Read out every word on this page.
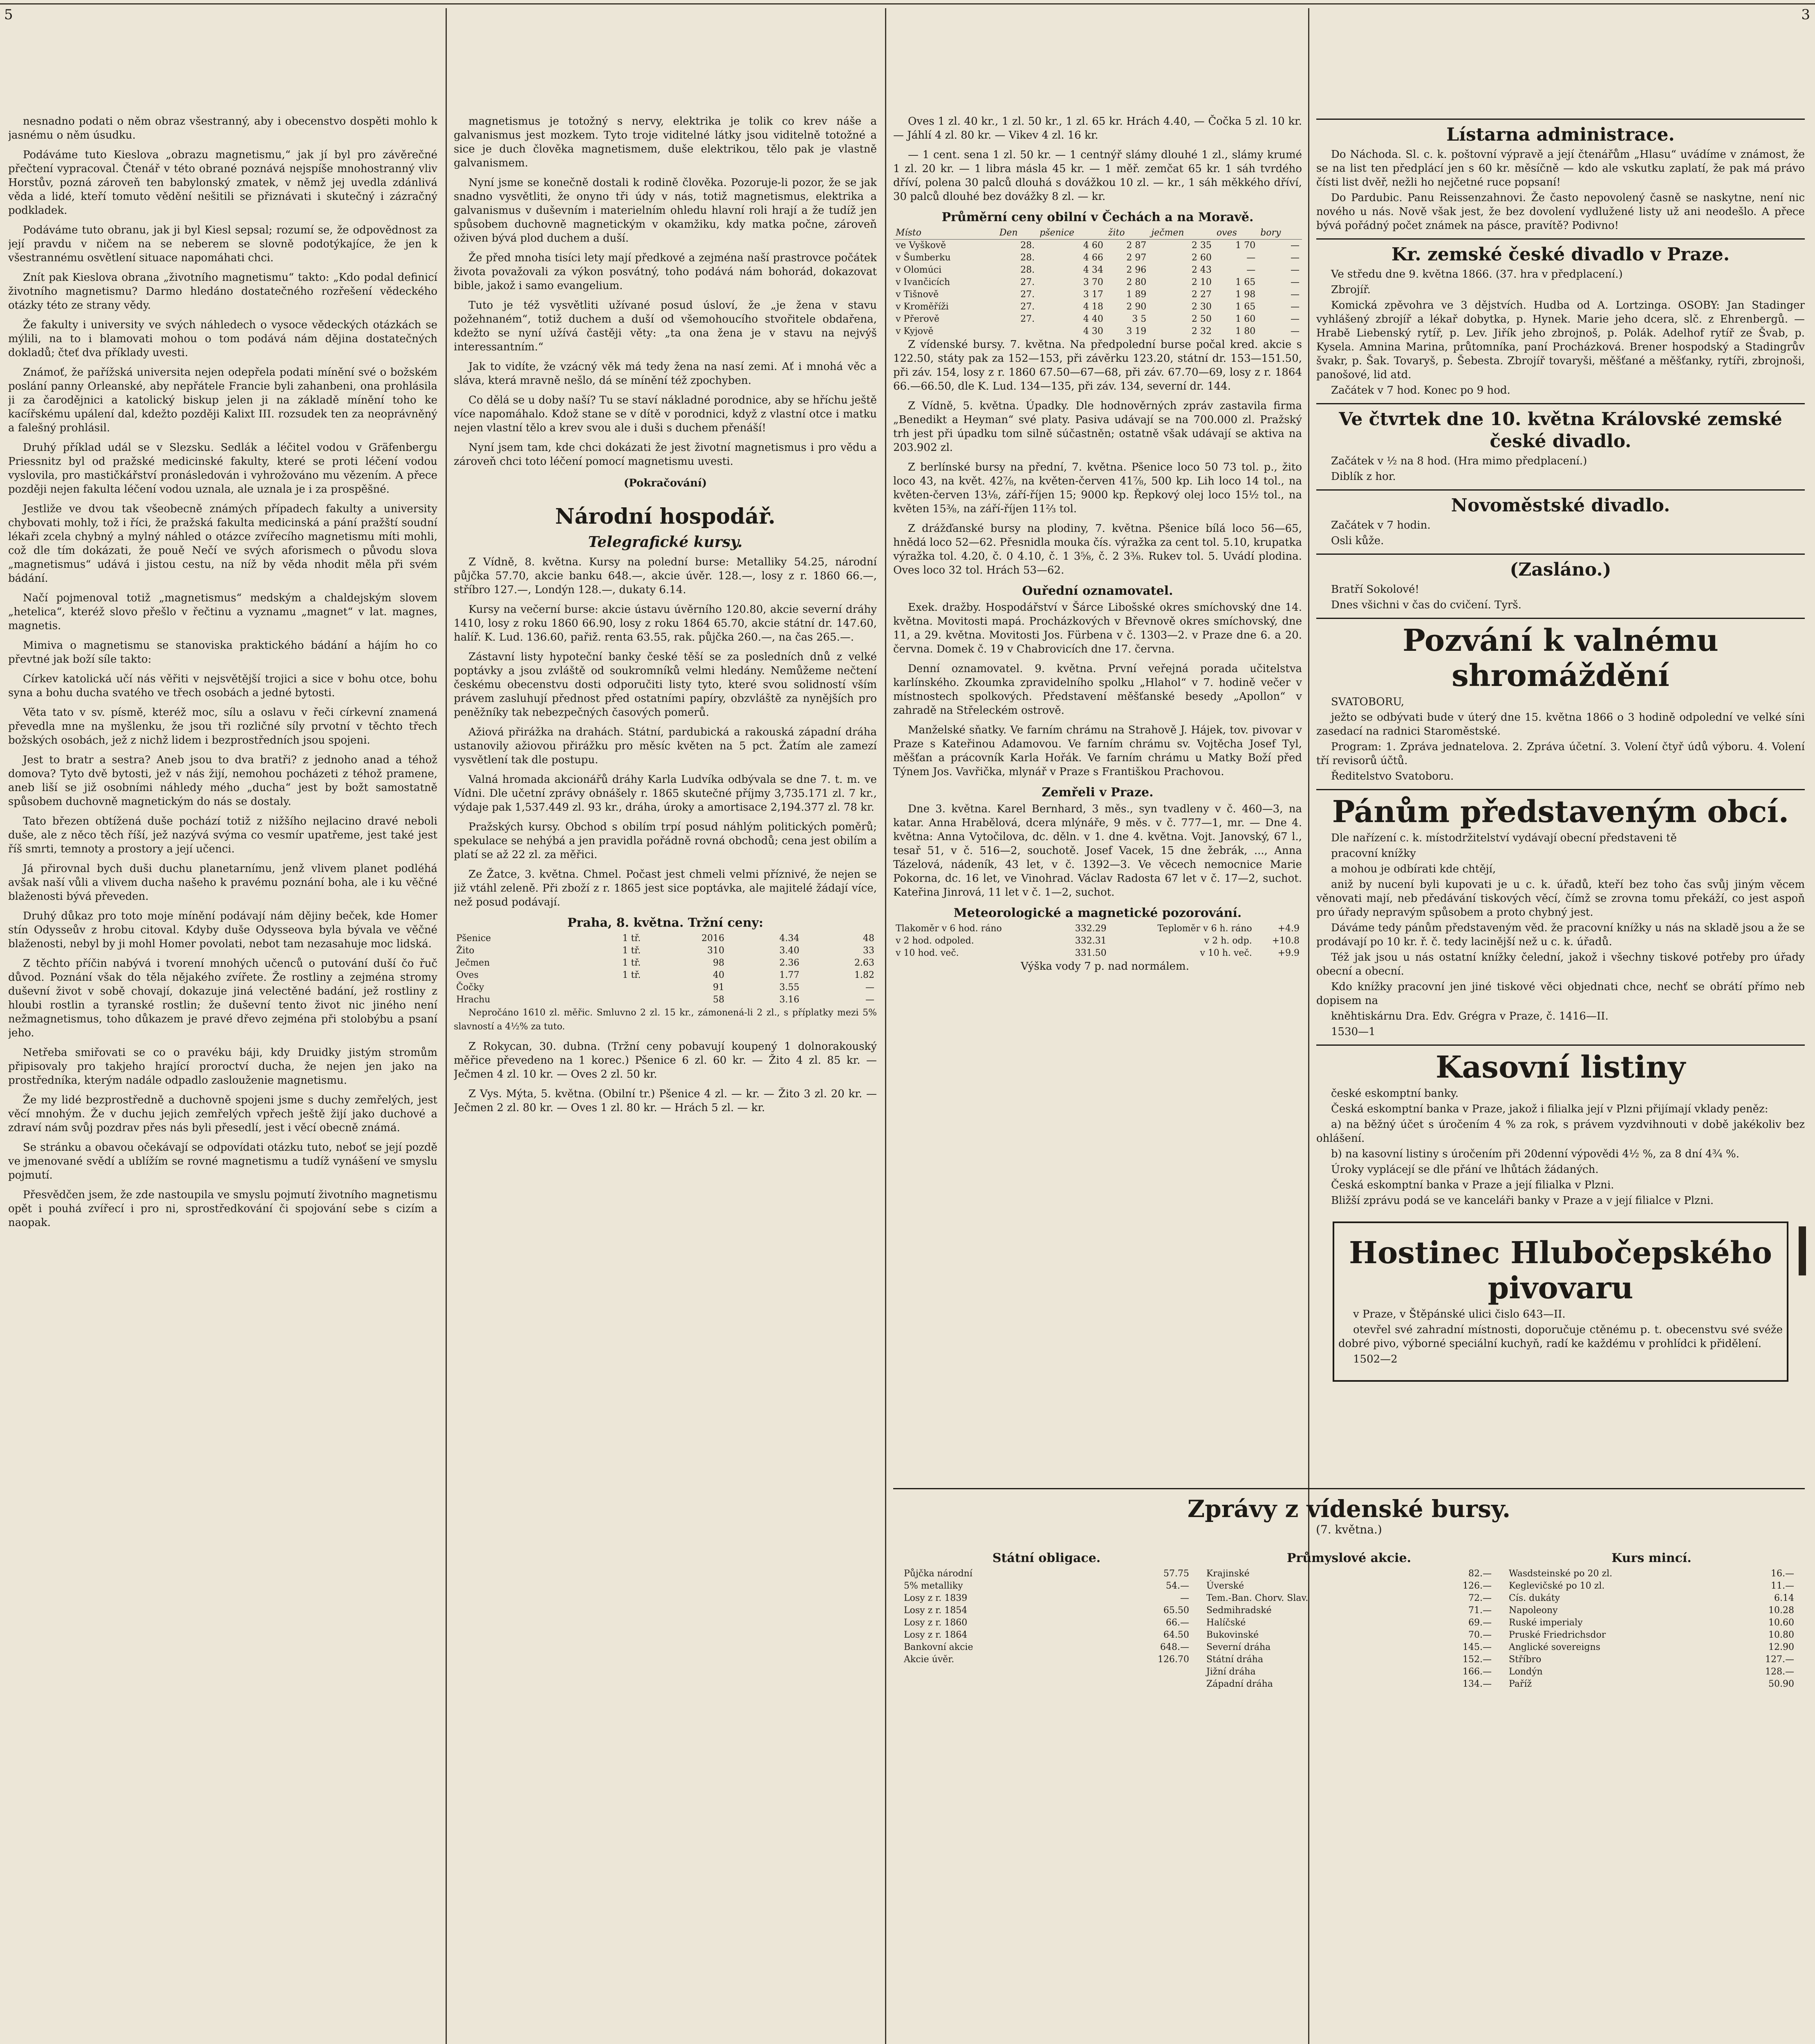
5	3

nesnadno podati o něm obraz všestranný, aby i obecenstvo dospěti mohlo k jasnému o něm úsudku.

Podáváme tuto Kieslova „obrazu magnetismu,“ jak jí byl pro závěrečné přečtení vypracoval. Čtenář v této obrané poznává nejspíše mnohostranný vliv Horstův, pozná zároveň ten babylonský zmatek, v němž jej uvedla zdánlivá věda a lidé, kteří tomuto vědění nešitili se přiznávati i skutečný i zázračný podkladek.

Podáváme tuto obranu, jak ji byl Kiesl sepsal; rozumí se, že odpovědnost za její pravdu v ničem na se neberem se slovně podotýkajíce, že jen k všestrannému osvětlení situace napomáhati chci.

Znít pak Kieslova obrana „životního magnetismu“ takto: „Kdo podal definicí životního magnetismu? Darmo hledáno dostatečného rozřešení vědeckého otázky této ze strany vědy.

Že fakulty i university ve svých náhledech o vysoce vědeckých otázkách se mýlili, na to i blamovati mohou o tom podává nám dějina dostatečných dokladů; čteť dva příklady uvesti.

Známoť, že pařížská universita nejen odepřela podati mínění své o božském poslání panny Orleanské, aby nepřátele Francie byli zahanbeni, ona prohlásila ji za čarodějnici a katolický biskup jelen ji na základě mínění toho ke kacířskému upálení dal, kdežto později Kalixt III. rozsudek ten za neoprávněný a falešný prohlásil.

Druhý příklad udál se v Slezsku. Sedlák a léčitel vodou v Gräfenbergu Priessnitz byl od pražské medicinské fakulty, které se proti léčení vodou vyslovila, pro mastičkářství pronásledován i vyhrožováno mu vězením. A přece později nejen fakulta léčení vodou uznala, ale uznala je i za prospěšné.

Jestliže ve dvou tak všeobecně známých případech fakulty a university chybovati mohly, tož i říci, že pražská fakulta medicinská a pání pražští soudní lékaři zcela chybný a mylný náhled o otázce zvířecího magnetismu míti mohli, což dle tím dokázati, že pouě Nečí ve svých aforismech o původu slova „magnetismus“ udává i jistou cestu, na níž by věda nhodit měla při svém bádání.

Načí pojmenoval totiž „magnetismus“ medským a chaldejským slovem „hetelica“, kteréž slovo přešlo v řečtinu a vyznamu „magnet“ v lat. magnes, magnetis.

Mimiva o magnetismu se stanoviska praktického bádání a hájím ho co převtné jak boží síle takto:

Církev katolická učí nás věřiti v nejsvětější trojici a sice v bohu otce, bohu syna a bohu ducha svatého ve třech osobách a jedné bytosti.

Věta tato v sv. písmě, kteréž moc, sílu a oslavu v řeči církevní znamená převedla mne na myšlenku, že jsou tři rozličné síly prvotní v těchto třech božských osobách, jež z nichž lidem i bezprostředních jsou spojeni.

Jest to bratr a sestra? Aneb jsou to dva bratři? z jednoho anad a téhož domova? Tyto dvě bytosti, jež v nás žijí, nemohou pocházeti z téhož pramene, aneb liší se již osobními náhledy mého „ducha“ jest by božt samostatně spůsobem duchovně magnetickým do nás se dostaly.

Tato březen obtížená duše pochází totiž z nižšího nejlacino dravé neboli duše, ale z něco těch říší, jež nazývá svýma co vesmír upatřeme, jest také jest říš smrti, temnoty a prostory a její učenci.

Já přirovnal bych duši duchu planetarnímu, jenž vlivem planet podléhá avšak naší vůli a vlivem ducha našeho k pravému poznání boha, ale i ku věčné blaženosti bývá převeden.

Druhý důkaz pro toto moje mínění podávají nám dějiny beček, kde Homer stín Odysseův z hrobu citoval. Kdyby duše Odysseova byla bývala ve věčné blaženosti, nebyl by ji mohl Homer povolati, nebot tam nezasahuje moc lidská.

Z těchto příčin nabývá i tvorení mnohých učenců o putování duší čo řuč důvod. Poznání však do těla nějakého zvířete. Že rostliny a zejména stromy duševní život v sobě chovají, dokazuje jiná velectěné badání, jež rostliny z hloubi rostlin a tyranské rostlin; že duševní tento život nic jiného není nežmagnetismus, toho důkazem je pravé dřevo zejména při stolobýbu a psaní jeho.

Netřeba smiřovati se co o pravéku báji, kdy Druidky jistým stromům připisovaly pro takjeho hrající proroctví ducha, že nejen jen jako na prostředníka, kterým nadále odpadlo zaslouženie magnetismu.

Že my lidé bezprostředně a duchovně spojeni jsme s duchy zemřelých, jest věcí mnohým. Že v duchu jejich zemřelých vpřech ještě žijí jako duchové a zdraví nám svůj pozdrav přes nás byli přesedlí, jest i věcí obecně známá.

Se stránku a obavou očekávají se odpovídati otázku tuto, neboť se její pozdě ve jmenované svědí a ublížím se rovné magnetismu a tudíž vynášení ve smyslu pojmutí.

Přesvědčen jsem, že zde nastoupila ve smyslu pojmutí životního magnetismu opět i pouhá zvířecí i pro ni, sprostředkování či spojování sebe s cizím a naopak.

magnetismus je totožný s nervy, elektrika je tolik co krev náše a galvanismus jest mozkem. Tyto troje viditelné látky jsou viditelně totožné a sice je duch člověka magnetismem, duše elektrikou, tělo pak je vlastně galvanismem.

Nyní jsme se konečně dostali k rodině člověka. Pozoruje-li pozor, že se jak snadno vysvětliti, že onyno tři údy v nás, totiž magnetismus, elektrika a galvanismus v duševním i materielním ohledu hlavní roli hrají a že tudíž jen spůsobem duchovně magnetickým v okamžiku, kdy matka počne, zároveň oživen bývá plod duchem a duší.

Že před mnoha tisíci lety mají předkové a zejména naší prastrovce počátek života považovali za výkon posvátný, toho podává nám bohorád, dokazovat bible, jakož i samo evangelium.

Tuto je též vysvětliti užívané posud úsloví, že „je žena v stavu požehnaném“, totiž duchem a duší od všemohoucího stvořitele obdařena, kdežto se nyní užívá častěji věty: „ta ona žena je v stavu na nejvýš interessantním.“

Jak to vidíte, že vzácný věk má tedy žena na nasí zemi. Ať i mnohá věc a sláva, která mravně nešlo, dá se mínění též zpochyben.

Co dělá se u doby naší? Tu se staví nákladné porodnice, aby se hříchu ještě více napomáhalo. Kdož stane se v dítě v porodnici, když z vlastní otce i matku nejen vlastní tělo a krev svou ale i duši s duchem přenáší!

Nyní jsem tam, kde chci dokázati že jest životní magnetismus i pro vědu a zároveň chci toto léčení pomocí magnetismu uvesti.

(Pokračování)
Národní hospodář.
Telegrafické kursy.

Z Vídně, 8. května. Kursy na polední burse: Metalliky 54.25, národní půjčka 57.70, akcie banku 648.—, akcie úvěr. 128.—, losy z r. 1860 66.—, stříbro 127.—, Londýn 128.—, dukaty 6.14.

Kursy na večerní burse: akcie ústavu úvěrního 120.80, akcie severní dráhy 1410, losy z roku 1860 66.90, losy z roku 1864 65.70, akcie státní dr. 147.60, halíř. K. Lud. 136.60, pařiž. renta 63.55, rak. půjčka 260.—, na čas 265.—.

Zástavní listy hypoteční banky české těší se za posledních dnů z velké poptávky a jsou zvláště od soukromníků velmi hledány. Nemůžeme nečtení českému obecenstvu dosti odporučiti listy tyto, které svou solidností vším právem zasluhují přednost před ostatními papíry, obzvláště za nynějších pro peněžníky tak nebezpečných časových pomerů.

Ažiová přirážka na drahách. Státní, pardubická a rakouská západní dráha ustanovily ažiovou přirážku pro měsíc květen na 5 pct. Žatím ale zamezí vysvětlení tak dle postupu.

Valná hromada akcionářů dráhy Karla Ludvíka odbývala se dne 7. t. m. ve Vídni. Dle učetní zprávy obnášely r. 1865 skutečné příjmy 3,735.171 zl. 7 kr., výdaje pak 1,537.449 zl. 93 kr., dráha, úroky a amortisace 2,194.377 zl. 78 kr.

Pražských kursy. Obchod s obilím trpí posud náhlým politických poměrů; spekulace se nehýbá a jen pravidla pořádně rovná obchodů; cena jest obilím a platí se až 22 zl. za měřici.

Ze Žatce, 3. května. Chmel. Počast jest chmeli velmi příznivé, že nejen se již vtáhl zeleně. Při zboží z r. 1865 jest sice poptávka, ale majitelé žádají více, než posud podávají.

Praha, 8. května. Tržní ceny:
Pšenice	1 tř.	2016	4.34	48
Žito	1 tř.	310	3.40	33
Ječmen	1 tř.	98	2.36	2.63
Oves	1 tř.	40	1.77	1.82
Čočky		91	3.55	—
Hrachu		58	3.16	—

Nepročáno 1610 zl. měřic. Smluvno 2 zl. 15 kr., zámonená-li 2 zl., s příplatky mezi 5% slavností a 4½% za tuto.

Z Rokycan, 30. dubna. (Tržní ceny pobavují koupený 1 dolnorakouský měřice převedeno na 1 korec.) Pšenice 6 zl. 60 kr. — Žito 4 zl. 85 kr. — Ječmen 4 zl. 10 kr. — Oves 2 zl. 50 kr.

Z Vys. Mýta, 5. května. (Obilní tr.) Pšenice 4 zl. — kr. — Žito 3 zl. 20 kr. — Ječmen 2 zl. 80 kr. — Oves 1 zl. 80 kr. — Hrách 5 zl. — kr.

Oves 1 zl. 40 kr., 1 zl. 50 kr., 1 zl. 65 kr. Hrách 4.40, — Čočka 5 zl. 10 kr. — Jáhlí 4 zl. 80 kr. — Vikev 4 zl. 16 kr.

— 1 cent. sena 1 zl. 50 kr. — 1 centnýř slámy dlouhé 1 zl., slámy krumé 1 zl. 20 kr. — 1 libra másla 45 kr. — 1 měř. zemčat 65 kr. 1 sáh tvrdého dříví, polena 30 palců dlouhá s dovážkou 10 zl. — kr., 1 sáh měkkého dříví, 30 palců dlouhé bez dovážky 8 zl. — kr.

Průměrní ceny obilní v Čechách a na Moravě.
Místo	Den	pšenice	žito	ječmen	oves	bory
ve Vyškově	28.	4 60	2 87	2 35	1 70	—
v Šumberku	28.	4 66	2 97	2 60	—	—
v Olomúci	28.	4 34	2 96	2 43	—	—
v Ivančicích	27.	3 70	2 80	2 10	1 65	—
v Tišnově	27.	3 17	1 89	2 27	1 98	—
v Kroměříži	27.	4 18	2 90	2 30	1 65	—
v Přerově	27.	4 40	3 5	2 50	1 60	—
v Kyjově		4 30	3 19	2 32	1 80	—

Z vídenské bursy. 7. května. Na předpolední burse počal kred. akcie s 122.50, státy pak za 152—153, při závěrku 123.20, státní dr. 153—151.50, při záv. 154, losy z r. 1860 67.50—67—68, při záv. 67.70—69, losy z r. 1864 66.—66.50, dle K. Lud. 134—135, při záv. 134, severní dr. 144.

Z Vídně, 5. května. Úpadky. Dle hodnověrných zpráv zastavila firma „Benedikt a Heyman“ své platy. Pasiva udávají se na 700.000 zl. Pražský trh jest při úpadku tom silně súčastněn; ostatně však udávají se aktiva na 203.902 zl.

Z berlínské bursy na přední, 7. května. Pšenice loco 50 73 tol. p., žito loco 43, na květ. 42⅞, na květen-červen 41⅞, 500 kp. Lih loco 14 tol., na květen-červen 13⅛, září-říjen 15; 9000 kp. Řepkový olej loco 15½ tol., na květen 15⅜, na září-říjen 11⅔ tol.

Z drážďanské bursy na plodiny, 7. května. Pšenice bílá loco 56—65, hnědá loco 52—62. Přesnidla mouka čís. výražka za cent tol. 5.10, krupatka výražka tol. 4.20, č. 0 4.10, č. 1 3⅝, č. 2 3⅜. Rukev tol. 5. Uvádí plodina. Oves loco 32 tol. Hrách 53—62.

Ouřední oznamovatel.

Exek. dražby. Hospodářství v Šárce Libošské okres smíchovský dne 14. května. Movitosti mapá. Procházkových v Břevnově okres smíchovský, dne 11, a 29. května. Movitosti Jos. Fürbena v č. 1303—2. v Praze dne 6. a 20. června. Domek č. 19 v Chabrovicích dne 17. června.

Denní oznamovatel. 9. května. První veřejná porada učitelstva karlínského. Zkoumka zpravidelního spolku „Hlahol“ v 7. hodině večer v místnostech spolkových. Představení měšťanské besedy „Apollon“ v zahradě na Střeleckém ostrově.

Manželské sňatky. Ve farním chrámu na Strahově J. Hájek, tov. pivovar v Praze s Kateřinou Adamovou. Ve farním chrámu sv. Vojtěcha Josef Tyl, měšťan a prácovník Karla Hořák. Ve farním chrámu u Matky Boží před Týnem Jos. Vavřička, mlynář v Praze s Františkou Prachovou.

Zemřeli v Praze.

Dne 3. května. Karel Bernhard, 3 měs., syn tvadleny v č. 460—3, na katar. Anna Hrabělová, dcera mlýnáře, 9 měs. v č. 777—1, mr. — Dne 4. května: Anna Vytočilova, dc. děln. v 1. dne 4. května. Vojt. Janovský, 67 l., tesař 51, v č. 516—2, souchotě. Josef Vacek, 15 dne žebrák, ..., Anna Tázelová, nádeník, 43 let, v č. 1392—3. Ve věcech nemocnice Marie Pokorna, dc. 16 let, ve Vinohrad. Václav Radosta 67 let v č. 17—2, suchot. Kateřina Jinrová, 11 let v č. 1—2, suchot.

Meteorologické a magnetické pozorování.
Tlakoměr v 6 hod. ráno	332.29	Teploměr v 6 h. ráno	+4.9
v 2 hod. odpoled.	332.31	v 2 h. odp.	+10.8
v 10 hod. več.	331.50	v 10 h. več.	+9.9

Výška vody 7 p. nad normálem.

Lístarna administrace.

Do Náchoda. Sl. c. k. poštovní výpravě a její čtenářům „Hlasu“ uvádíme v známost, že se na list ten předplácí jen s 60 kr. měsíčně — kdo ale vskutku zaplatí, že pak má právo čísti list dvěř, nežli ho nejčetné ruce popsaní!

Do Pardubic. Panu Reissenzahnovi. Že často nepovolený časně se naskytne, není nic nového u nás. Nově však jest, že bez dovolení vydlužené listy už ani neodešlo. A přece bývá pořádný počet známek na pásce, pravítě? Podivno!

Kr. zemské české divadlo v Praze.

Ve středu dne 9. května 1866. (37. hra v předplacení.)

Zbrojíř.

Komická zpěvohra ve 3 dějstvích. Hudba od A. Lortzinga. OSOBY: Jan Stadinger vyhlášený zbrojíř a lékař dobytka, p. Hynek. Marie jeho dcera, slč. z Ehrenbergů. — Hrabě Liebenský rytíř, p. Lev. Jiřík jeho zbrojnoš, p. Polák. Adelhof rytíř ze Švab, p. Kysela. Amnina Marina, průtomníka, paní Procházková. Brener hospodský a Stadingrův švakr, p. Šak. Tovaryš, p. Šebesta. Zbrojíř tovaryši, měšťané a měšťanky, rytíři, zbrojnoši, panošové, lid atd.

Začátek v 7 hod. Konec po 9 hod.

Ve čtvrtek dne 10. května Královské zemské české divadlo.

Začátek v ½ na 8 hod. (Hra mimo předplacení.)

Diblík z hor.

Novoměstské divadlo.

Začátek v 7 hodin.

Osli kůže.

(Zasláno.)

Bratří Sokolové!

Dnes všichni v čas do cvičení. Tyrš.

Pozvání k valnému shromáždění

SVATOBORU,

ježto se odbývati bude v úterý dne 15. května 1866 o 3 hodině odpolední ve velké síni zasedací na radnici Staroměstské.

Program: 1. Zpráva jednatelova. 2. Zpráva účetní. 3. Volení čtyř údů výboru. 4. Volení tří revisorů účtů.

Ředitelstvo Svatoboru.

Pánům představeným obcí.

Dle nařízení c. k. místodržitelství vydávají obecní představeni tě

pracovní knížky

a mohou je odbírati kde chtějí,

aniž by nucení byli kupovati je u c. k. úřadů, kteří bez toho čas svůj jiným věcem věnovati mají, neb předávání tiskových věcí, čímž se zrovna tomu překáží, co jest aspoň pro úřady nepravým spůsobem a proto chybný jest.

Dáváme tedy pánům představeným věd. že pracovní knížky u nás na skladě jsou a že se prodávají po 10 kr. ř. č. tedy lacinější než u c. k. úřadů.

Též jak jsou u nás ostatní knížky čelední, jakož i všechny tiskové potřeby pro úřady obecní a obecní.

Kdo knížky pracovní jen jiné tiskové věci objednati chce, nechť se obrátí přímo neb dopisem na

kněhtiskárnu Dra. Edv. Grégra v Praze, č. 1416—II.

1530—1

Kasovní listiny

české eskomptní banky.

Česká eskomptní banka v Praze, jakož i filialka její v Plzni přijímají vklady peněz:

a) na běžný účet s úročením 4 % za rok, s právem vyzdvihnouti v době jakékoliv bez ohlášení.

b) na kasovní listiny s úročením při 20denní výpovědi 4½ %, za 8 dní 4¾ %.

Úroky vyplácejí se dle přání ve lhůtách žádaných.

Česká eskomptní banka v Praze a její filialka v Plzni.

Bližší zprávu podá se ve kanceláři banky v Praze a v její filialce v Plzni.

Hostinec Hlubočepského pivovaru

v Praze, v Štěpánské ulici čislo 643—II.

otevřel své zahradní místnosti, doporučuje ctěnému p. t. obecenstvu své svéže dobré pivo, výborné speciální kuchyň, radí ke každému v prohlídci k přidělení.

1502—2

Zprávy z vídenské bursy.
(7. května.)
Státní obligace.
Půjčka národní	57.75
5% metalliky	54.—
Losy z r. 1839	—
Losy z r. 1854	65.50
Losy z r. 1860	66.—
Losy z r. 1864	64.50
Bankovní akcie	648.—
Akcie úvěr.	126.70
Průmyslové akcie.
Krajinské	82.—
Úverské	126.—
Tem.-Ban. Chorv. Slav.	72.—
Sedmihradské	71.—
Halíčské	69.—
Bukovinské	70.—
Severní dráha	145.—
Státní dráha	152.—
Jižní dráha	166.—
Západní dráha	134.—
Kurs mincí.
Wasdsteinské po 20 zl.	16.—
Keglevičské po 10 zl.	11.—
Cís. dukáty	6.14
Napoleony	10.28
Ruské imperialy	10.60
Pruské Friedrichsdor	10.80
Anglické sovereigns	12.90
Stříbro	127.—
Londýn	128.—
Paříž	50.90
